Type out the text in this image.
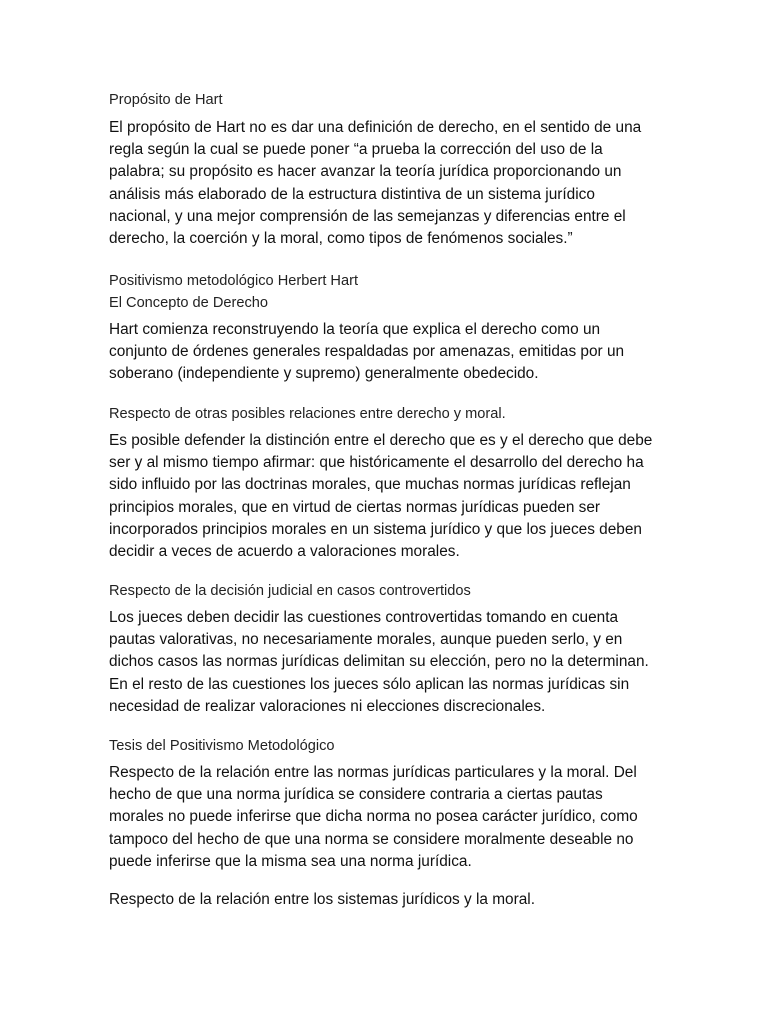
Propósito de Hart

El propósito de Hart no es dar una definición de derecho, en el sentido de una
regla según la cual se puede poner “a prueba la corrección del uso de la
palabra; su propósito es hacer avanzar la teoría jurídica proporcionando un
análisis más elaborado de la estructura distintiva de un sistema jurídico
nacional, y una mejor comprensión de las semejanzas y diferencias entre el
derecho, la coerción y la moral, como tipos de fenómenos sociales.”

Positivismo metodológico Herbert Hart

El Concepto de Derecho

Hart comienza reconstruyendo la teoría que explica el derecho como un
conjunto de órdenes generales respaldadas por amenazas, emitidas por un
soberano (independiente y supremo) generalmente obedecido.

Respecto de otras posibles relaciones entre derecho y moral.

Es posible defender la distinción entre el derecho que es y el derecho que debe
ser y al mismo tiempo afirmar: que históricamente el desarrollo del derecho ha
sido influido por las doctrinas morales, que muchas normas jurídicas reflejan
principios morales, que en virtud de ciertas normas jurídicas pueden ser
incorporados principios morales en un sistema jurídico y que los jueces deben
decidir a veces de acuerdo a valoraciones morales.

Respecto de la decisión judicial en casos controvertidos

Los jueces deben decidir las cuestiones controvertidas tomando en cuenta
pautas valorativas, no necesariamente morales, aunque pueden serlo, y en
dichos casos las normas jurídicas delimitan su elección, pero no la determinan.
En el resto de las cuestiones los jueces sólo aplican las normas jurídicas sin
necesidad de realizar valoraciones ni elecciones discrecionales.

Tesis del Positivismo Metodológico

Respecto de la relación entre las normas jurídicas particulares y la moral. Del
hecho de que una norma jurídica se considere contraria a ciertas pautas
morales no puede inferirse que dicha norma no posea carácter jurídico, como
tampoco del hecho de que una norma se considere moralmente deseable no
puede inferirse que la misma sea una norma jurídica.

Respecto de la relación entre los sistemas jurídicos y la moral.
